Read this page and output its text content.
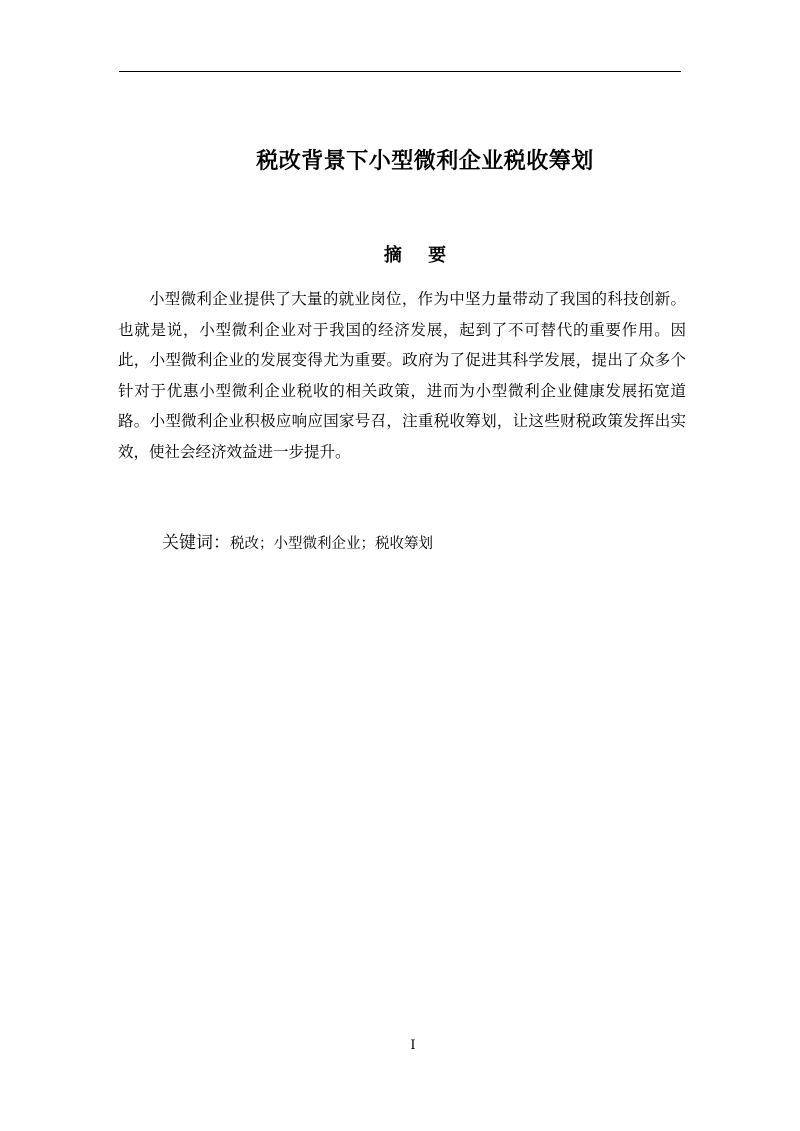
税改背景下小型微利企业税收筹划
摘 要

小型微利企业提供了大量的就业岗位，作为中坚力量带动了我国的科技创新。也就是说，小型微利企业对于我国的经济发展，起到了不可替代的重要作用。因此，小型微利企业的发展变得尤为重要。政府为了促进其科学发展，提出了众多个针对于优惠小型微利企业税收的相关政策，进而为小型微利企业健康发展拓宽道路。小型微利企业积极应响应国家号召，注重税收筹划，让这些财税政策发挥出实效，使社会经济效益进一步提升。

关键词：税改；小型微利企业；税收筹划
I
